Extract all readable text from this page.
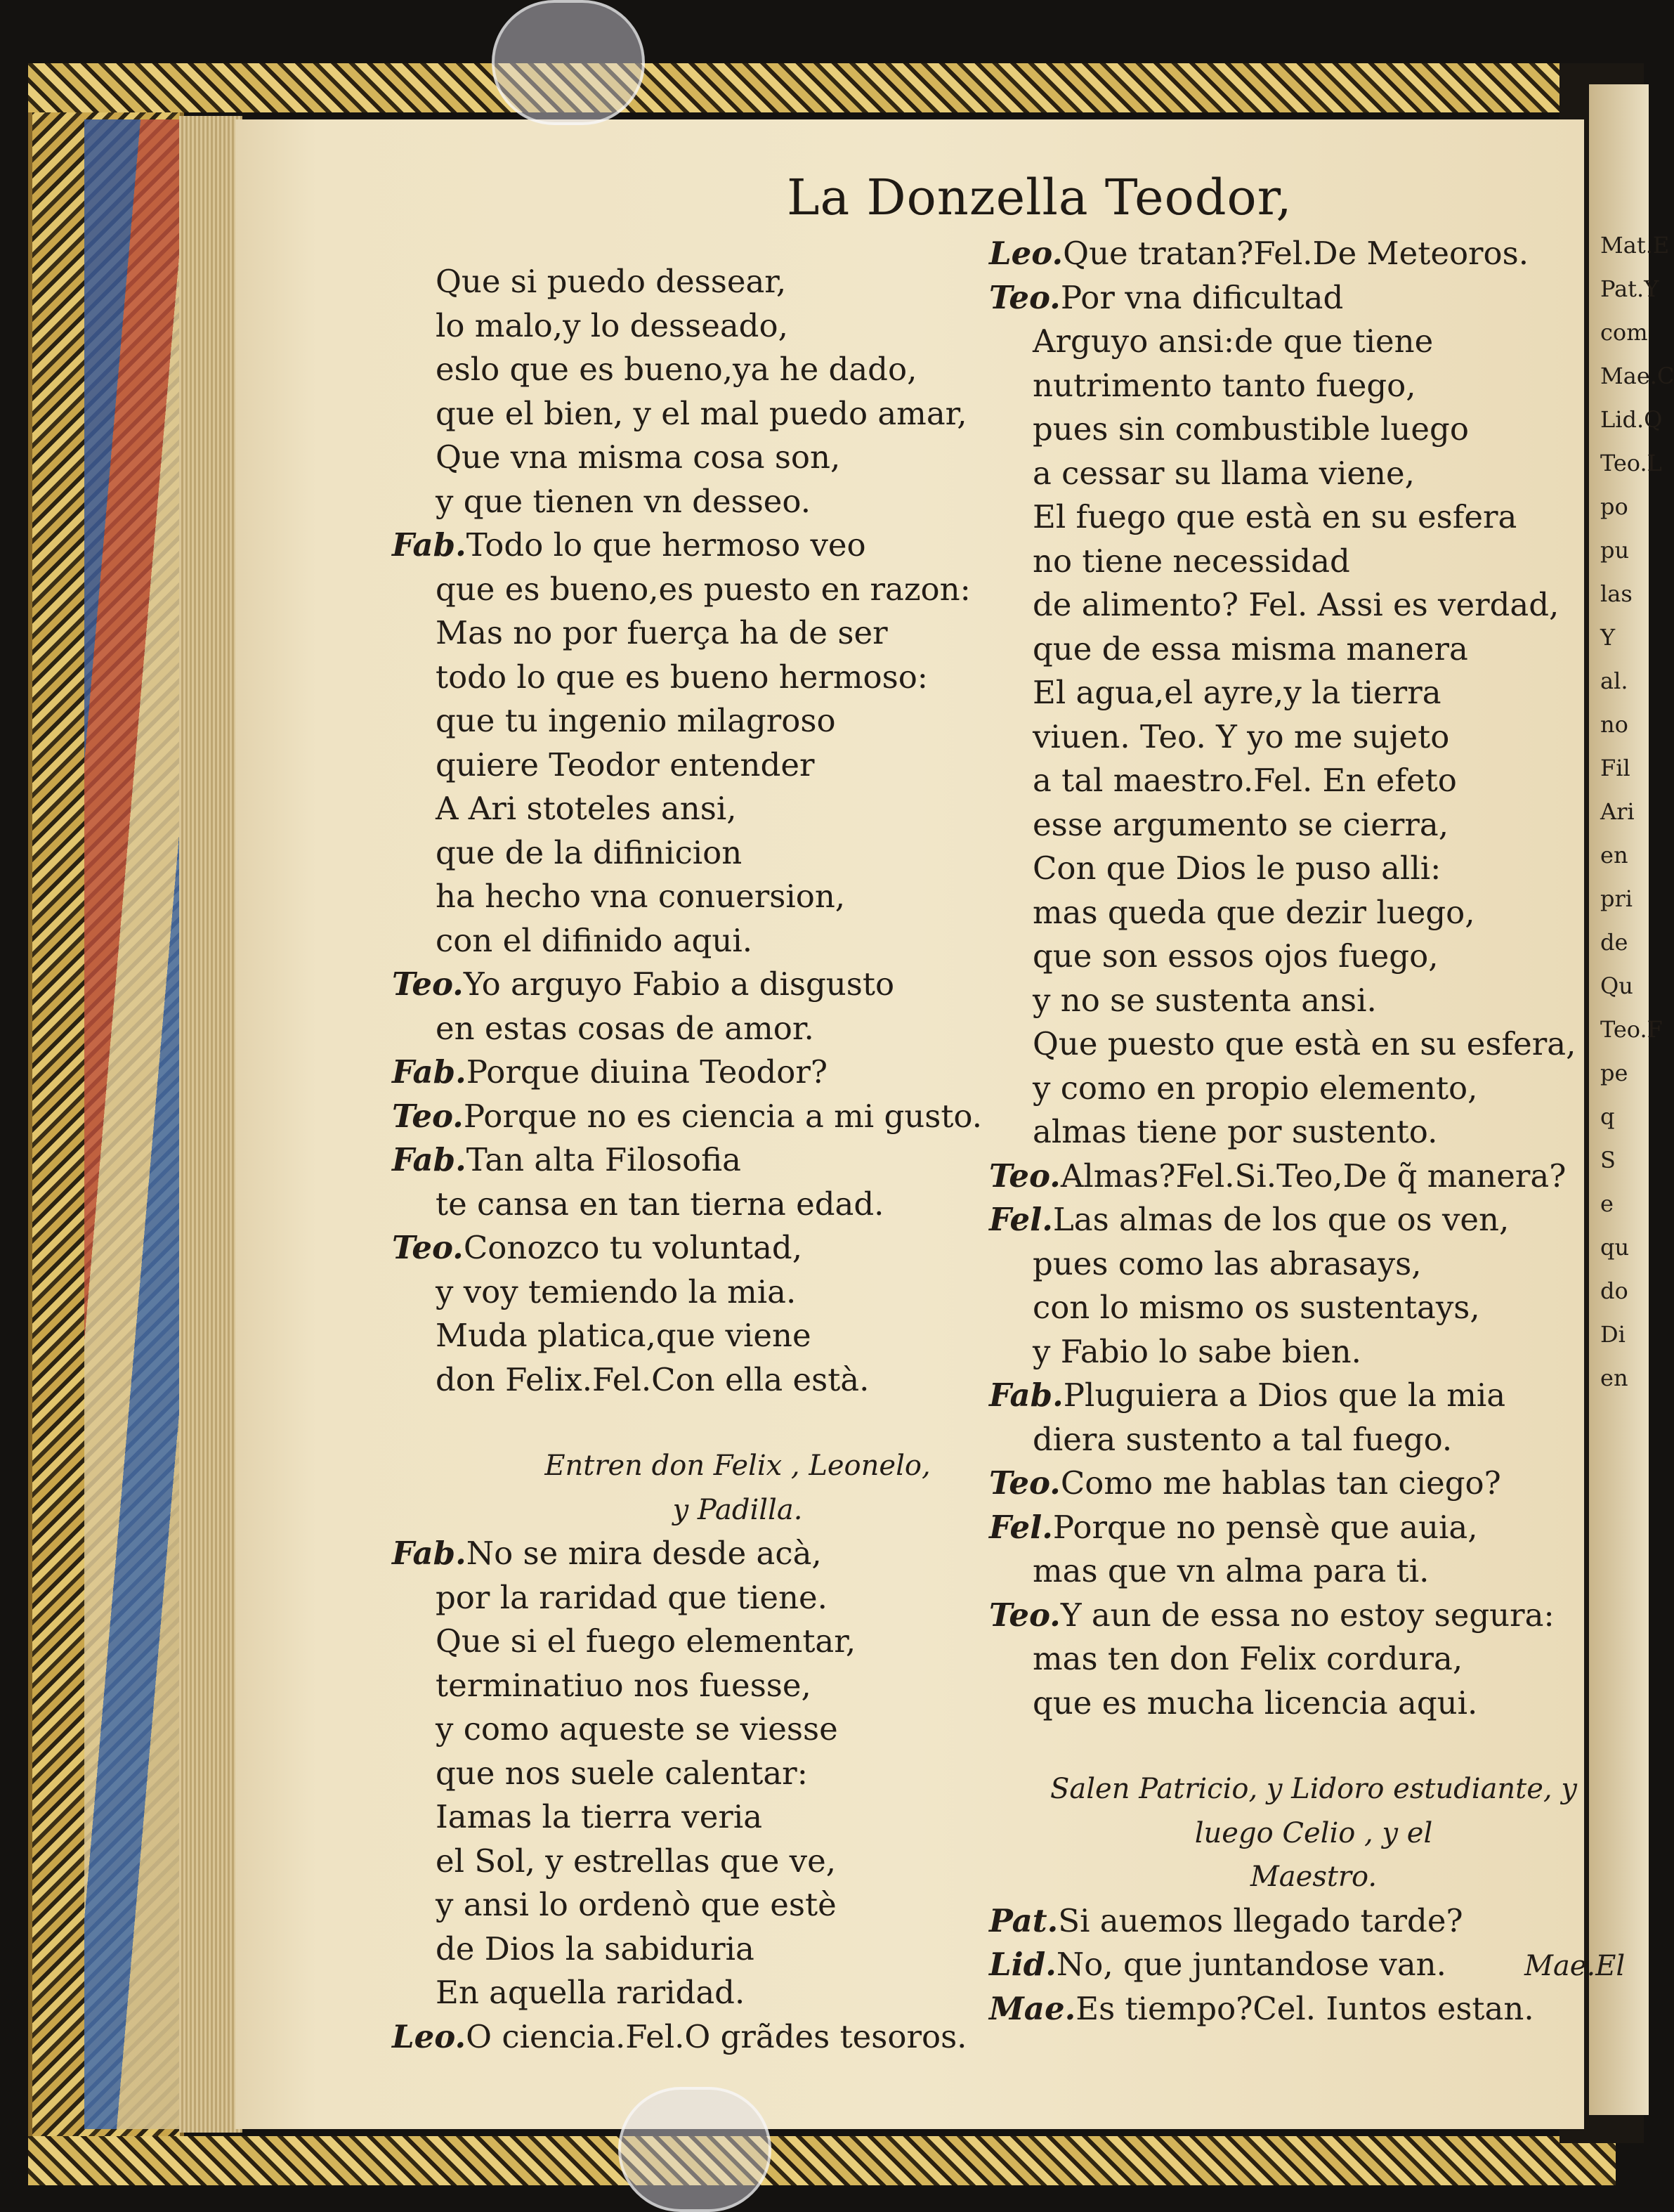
La Donzella Teodor,
Que si puedo dessear,
lo malo,y lo desseado,
eslo que es bueno,ya he dado,
que el bien, y el mal puedo amar,
Que vna misma cosa son,
y que tienen vn desseo.
Fab.Todo lo que hermoso veo
que es bueno,es puesto en razon:
Mas no por fuerça ha de ser
todo lo que es bueno hermoso:
que tu ingenio milagroso
quiere Teodor entender
A Ari stoteles ansi,
que de la difinicion
ha hecho vna conuersion,
con el difinido aqui.
Teo.Yo arguyo Fabio a disgusto
en estas cosas de amor.
Fab.Porque diuina Teodor?
Teo.Porque no es ciencia a mi gusto.
Fab.Tan alta Filosofia
te cansa en tan tierna edad.
Teo.Conozco tu voluntad,
y voy temiendo la mia.
Muda platica,que viene
don Felix.Fel.Con ella està.
Entren don Felix , Leonelo,
y Padilla.
Fab.No se mira desde acà,
por la raridad que tiene.
Que si el fuego elementar,
terminatiuo nos fuesse,
y como aqueste se viesse
que nos suele calentar:
Iamas la tierra veria
el Sol, y estrellas que ve,
y ansi lo ordenò que estè
de Dios la sabiduria
En aquella raridad.
Leo.O ciencia.Fel.O grãdes tesoros.
Leo.Que tratan?Fel.De Meteoros.
Teo.Por vna dificultad
Arguyo ansi:de que tiene
nutrimento tanto fuego,
pues sin combustible luego
a cessar su llama viene,
El fuego que està en su esfera
no tiene necessidad
de alimento? Fel. Assi es verdad,
que de essa misma manera
El agua,el ayre,y la tierra
viuen. Teo. Y yo me sujeto
a tal maestro.Fel. En efeto
esse argumento se cierra,
Con que Dios le puso alli:
mas queda que dezir luego,
que son essos ojos fuego,
y no se sustenta ansi.
Que puesto que està en su esfera,
y como en propio elemento,
almas tiene por sustento.
Teo.Almas?Fel.Si.Teo,De q̃ manera?
Fel.Las almas de los que os ven,
pues como las abrasays,
con lo mismo os sustentays,
y Fabio lo sabe bien.
Fab.Pluguiera a Dios que la mia
diera sustento a tal fuego.
Teo.Como me hablas tan ciego?
Fel.Porque no pensè que auia,
mas que vn alma para ti.
Teo.Y aun de essa no estoy segura:
mas ten don Felix cordura,
que es mucha licencia aqui.
Salen Patricio, y Lidoro estudiante, y
luego Celio , y el
Maestro.
Pat.Si auemos llegado tarde?
Lid.No, que juntandose van.
Mae.Es tiempo?Cel. Iuntos estan.
Mae.El
Mat.E
Pat.Y
com
Mae.C
Lid.Q
Teo.L
po
pu
las
Y
al.
no
Fil
Ari
en
pri
de
Qu
Teo.F
pe
q
S
e
qu
do
Di
en
